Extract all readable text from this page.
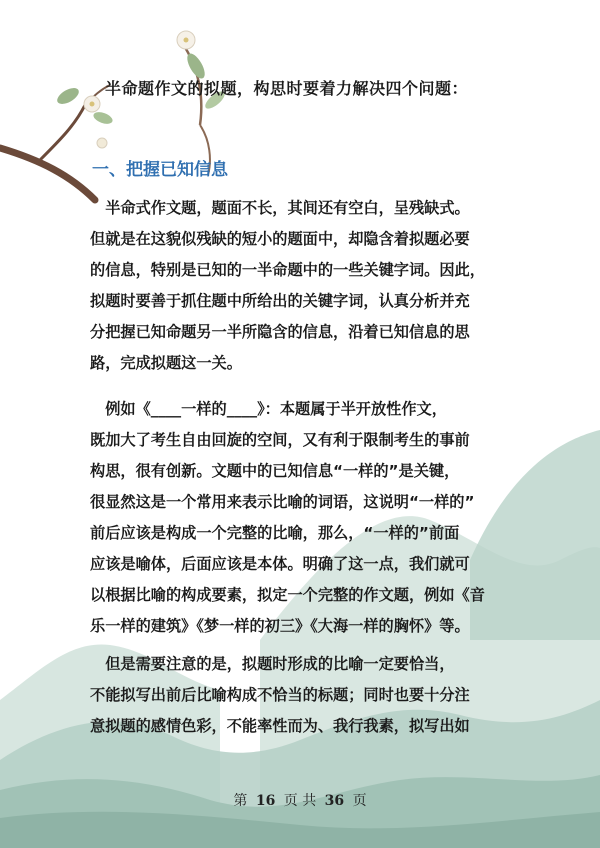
半命题作文的拟题，构思时要着力解决四个问题：
一、把握已知信息
　半命式作文题，题面不长，其间还有空白，呈残缺式。
但就是在这貌似残缺的短小的题面中，却隐含着拟题必要
的信息，特别是已知的一半命题中的一些关键字词。因此，
拟题时要善于抓住题中所给出的关键字词，认真分析并充
分把握已知命题另一半所隐含的信息，沿着已知信息的思
路，完成拟题这一关。
　例如《____一样的____》：本题属于半开放性作文，
既加大了考生自由回旋的空间，又有利于限制考生的事前
构思，很有创新。文题中的已知信息“一样的”是关键，
很显然这是一个常用来表示比喻的词语，这说明“一样的”
前后应该是构成一个完整的比喻，那么，“一样的”前面
应该是喻体，后面应该是本体。明确了这一点，我们就可
以根据比喻的构成要素，拟定一个完整的作文题，例如《音
乐一样的建筑》《梦一样的初三》《大海一样的胸怀》等。
　但是需要注意的是，拟题时形成的比喻一定要恰当，
不能拟写出前后比喻构成不恰当的标题；同时也要十分注
意拟题的感情色彩，不能率性而为、我行我素，拟写出如
第 16 页 共 36 页
